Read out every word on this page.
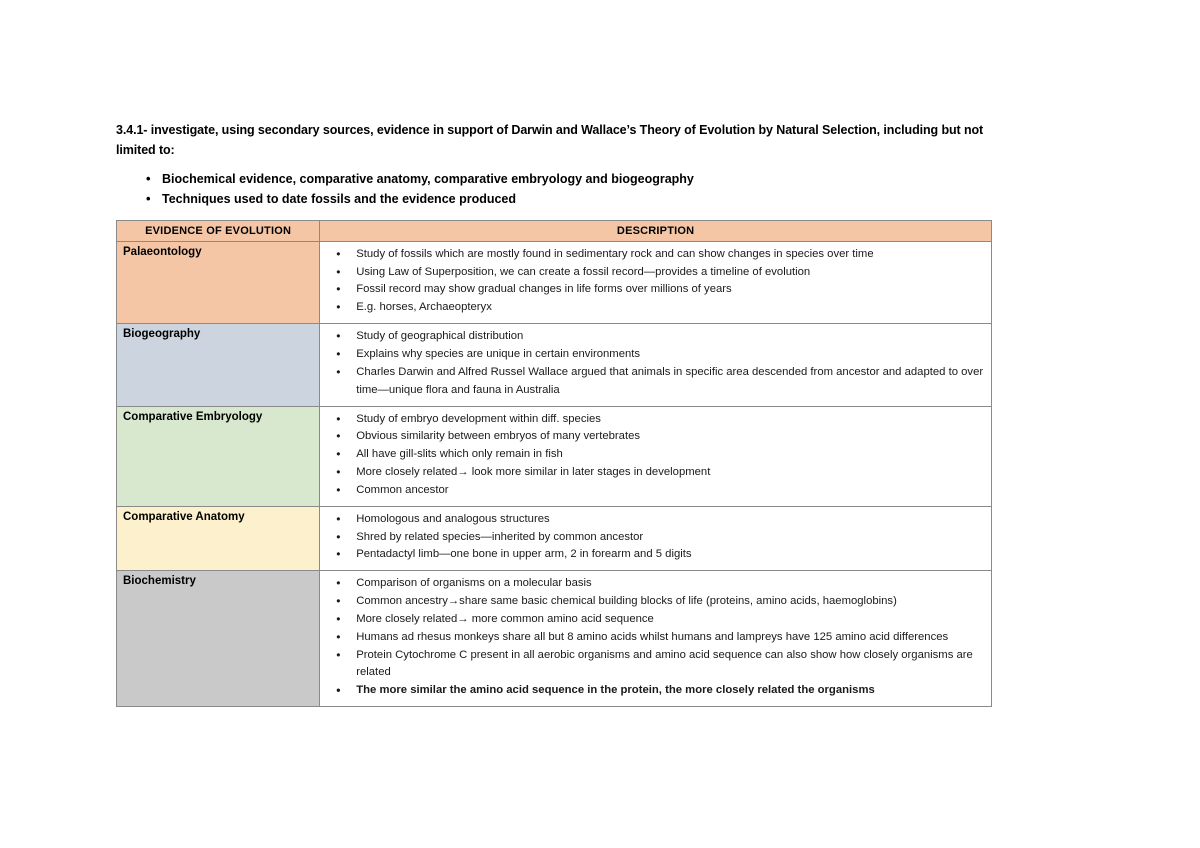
3.4.1- investigate, using secondary sources, evidence in support of Darwin and Wallace’s Theory of Evolution by Natural Selection, including but not limited to:

• Biochemical evidence, comparative anatomy, comparative embryology and biogeography
• Techniques used to date fossils and the evidence produced
EVIDENCE OF EVOLUTION	DESCRIPTION
Palaeontology	
•Study of fossils which are mostly found in sedimentary rock and can show changes in species over time
• Using Law of Superposition, we can create a fossil record—provides a timeline of evolution
• Fossil record may show gradual changes in life forms over millions of years
• E.g. horses, Archaeopteryx

Biogeography	
•Study of geographical distribution
• Explains why species are unique in certain environments
• Charles Darwin and Alfred Russel Wallace argued that animals in specific area descended from ancestor and adapted to over time—unique flora and fauna in Australia

Comparative Embryology	
•Study of embryo development within diff. species
• Obvious similarity between embryos of many vertebrates
• All have gill-slits which only remain in fish
• More closely related→ look more similar in later stages in development
• Common ancestor

Comparative Anatomy	
•Homologous and analogous structures
• Shred by related species—inherited by common ancestor
• Pentadactyl limb—one bone in upper arm, 2 in forearm and 5 digits

Biochemistry	
•Comparison of organisms on a molecular basis
• Common ancestry→share same basic chemical building blocks of life (proteins, amino acids, haemoglobins)
• More closely related→ more common amino acid sequence
• Humans ad rhesus monkeys share all but 8 amino acids whilst humans and lampreys have 125 amino acid differences
• Protein Cytochrome C present in all aerobic organisms and amino acid sequence can also show how closely organisms are related
• The more similar the amino acid sequence in the protein, the more closely related the organisms
